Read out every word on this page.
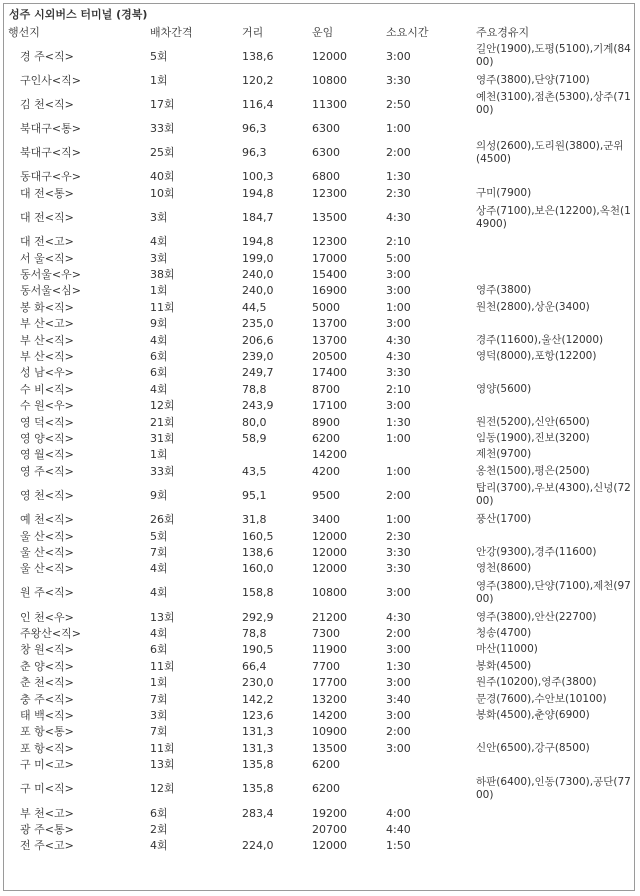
성주 시외버스 터미널 (경북)
행선지	배차간격	거리	운임	소요시간	주요경유지
경 주<직>	5회	138,6	12000	3:00	길안(1900),도평(5100),기계(8400)
구인사<직>	1회	120,2	10800	3:30	영주(3800),단양(7100)
김 천<직>	17회	116,4	11300	2:50	예천(3100),점촌(5300),상주(7100)
북대구<통>	33회	96,3	6300	1:00	
북대구<직>	25회	96,3	6300	2:00	의성(2600),도리원(3800),군위(4500)
동대구<우>	40회	100,3	6800	1:30	
대 전<통>	10회	194,8	12300	2:30	구미(7900)
대 전<직>	3회	184,7	13500	4:30	상주(7100),보은(12200),옥천(14900)
대 전<고>	4회	194,8	12300	2:10	
서 울<직>	3회	199,0	17000	5:00	
동서울<우>	38회	240,0	15400	3:00	
동서울<심>	1회	240,0	16900	3:00	영주(3800)
봉 화<직>	11회	44,5	5000	1:00	원천(2800),상운(3400)
부 산<고>	9회	235,0	13700	3:00	
부 산<직>	4회	206,6	13700	4:30	경주(11600),울산(12000)
부 산<직>	6회	239,0	20500	4:30	영덕(8000),포항(12200)
성 남<우>	6회	249,7	17400	3:30	
수 비<직>	4회	78,8	8700	2:10	영양(5600)
수 원<우>	12회	243,9	17100	3:00	
영 덕<직>	21회	80,0	8900	1:30	원전(5200),신안(6500)
영 양<직>	31회	58,9	6200	1:00	임동(1900),진보(3200)
영 월<직>	1회		14200		제천(9700)
영 주<직>	33회	43,5	4200	1:00	옹천(1500),평은(2500)
영 천<직>	9회	95,1	9500	2:00	탑리(3700),우보(4300),신녕(7200)
예 천<직>	26회	31,8	3400	1:00	풍산(1700)
울 산<직>	5회	160,5	12000	2:30	
울 산<직>	7회	138,6	12000	3:30	안강(9300),경주(11600)
울 산<직>	4회	160,0	12000	3:30	영천(8600)
원 주<직>	4회	158,8	10800	3:00	영주(3800),단양(7100),제천(9700)
인 천<우>	13회	292,9	21200	4:30	영주(3800),안산(22700)
주왕산<직>	4회	78,8	7300	2:00	청송(4700)
창 원<직>	6회	190,5	11900	3:00	마산(11000)
춘 양<직>	11회	66,4	7700	1:30	봉화(4500)
춘 천<직>	1회	230,0	17700	3:00	원주(10200),영주(3800)
충 주<직>	7회	142,2	13200	3:40	문경(7600),수안보(10100)
태 백<직>	3회	123,6	14200	3:00	봉화(4500),춘양(6900)
포 항<통>	7회	131,3	10900	2:00	
포 항<직>	11회	131,3	13500	3:00	신안(6500),강구(8500)
구 미<고>	13회	135,8	6200		
구 미<직>	12회	135,8	6200		하판(6400),인동(7300),공단(7700)
부 천<고>	6회	283,4	19200	4:00	
광 주<통>	2회		20700	4:40	
전 주<고>	4회	224,0	12000	1:50	
